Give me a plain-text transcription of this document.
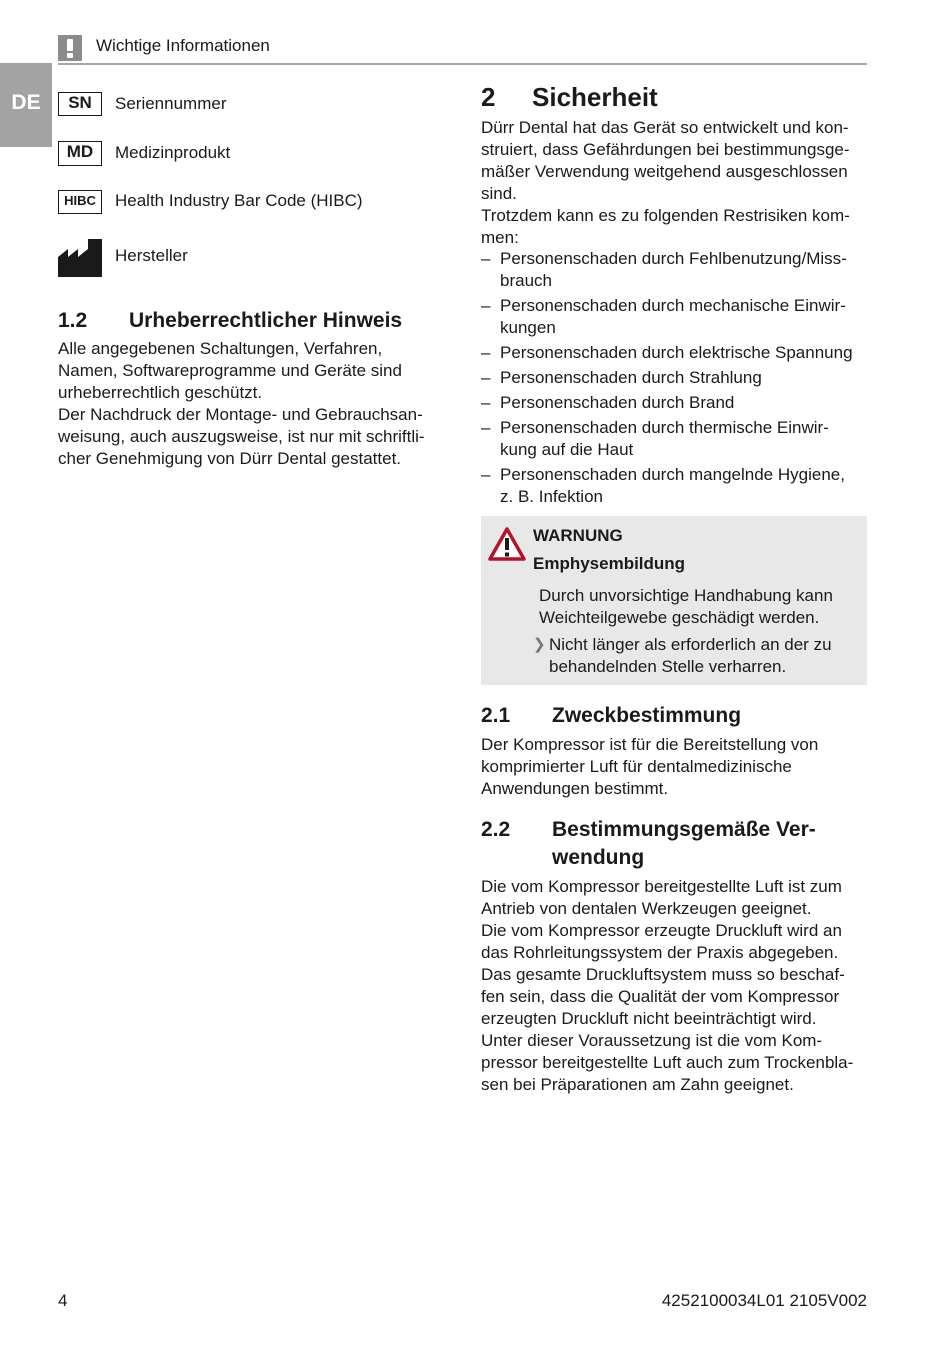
Wichtige Informationen
DE	SN	Seriennummer
MD	Medizinprodukt
HIBC	Health Industry Bar Code (HIBC)
Hersteller
1.2 Urheberrechtlicher Hinweis
Alle angegebenen Schaltungen, Verfahren,
Namen, Softwareprogramme und Geräte sind
urheberrechtlich geschützt.
Der Nachdruck der Montage- und Gebrauchsan-
weisung, auch auszugsweise, ist nur mit schriftli-
cher Genehmigung von Dürr Dental gestattet.
2 Sicherheit
Dürr Dental hat das Gerät so entwickelt und kon-
struiert, dass Gefährdungen bei bestimmungsge-
mäßer Verwendung weitgehend ausgeschlossen
sind.
Trotzdem kann es zu folgenden Restrisiken kom-
men:
– Personenschaden durch Fehlbenutzung/Miss-
brauch
– Personenschaden durch mechanische Einwir-
kungen
– Personenschaden durch elektrische Spannung
– Personenschaden durch Strahlung
– Personenschaden durch Brand
– Personenschaden durch thermische Einwir-
kung auf die Haut
– Personenschaden durch mangelnde Hygiene,
z. B. Infektion
WARNUNG
Emphysembildung
Durch unvorsichtige Handhabung kann
Weichteilgewebe geschädigt werden.
❯ Nicht länger als erforderlich an der zu
behandelnden Stelle verharren.
2.1 Zweckbestimmung
Der Kompressor ist für die Bereitstellung von
komprimierter Luft für dentalmedizinische
Anwendungen bestimmt.
2.2 Bestimmungsgemäße Ver-
wendung
Die vom Kompressor bereitgestellte Luft ist zum
Antrieb von dentalen Werkzeugen geeignet.
Die vom Kompressor erzeugte Druckluft wird an
das Rohrleitungssystem der Praxis abgegeben.
Das gesamte Druckluftsystem muss so beschaf-
fen sein, dass die Qualität der vom Kompressor
erzeugten Druckluft nicht beeinträchtigt wird.
Unter dieser Voraussetzung ist die vom Kom-
pressor bereitgestellte Luft auch zum Trockenbla-
sen bei Präparationen am Zahn geeignet.
4	4252100034L01 2105V002
